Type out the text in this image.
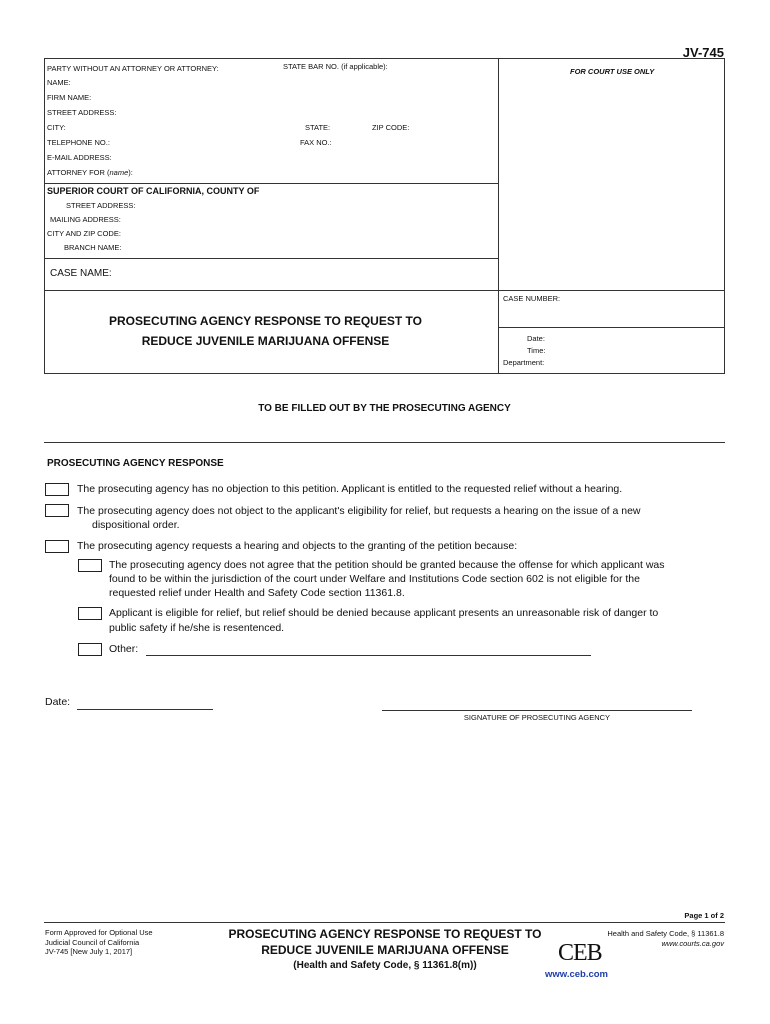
JV-745
PARTY WITHOUT AN ATTORNEY OR ATTORNEY:	STATE BAR NO. (if applicable):
FOR COURT USE ONLY
NAME:
FIRM NAME:
STREET ADDRESS:
CITY:	STATE:	ZIP CODE:
TELEPHONE NO.:	FAX NO.:
E-MAIL ADDRESS:
ATTORNEY FOR (name):
SUPERIOR COURT OF CALIFORNIA, COUNTY OF
STREET ADDRESS:
MAILING ADDRESS:
CITY AND ZIP CODE:
BRANCH NAME:
CASE NAME:
CASE NUMBER:
Date:
Time:
Department:
PROSECUTING AGENCY RESPONSE TO REQUEST TO
REDUCE JUVENILE MARIJUANA OFFENSE
TO BE FILLED OUT BY THE PROSECUTING AGENCY
PROSECUTING AGENCY RESPONSE
The prosecuting agency has no objection to this petition. Applicant is entitled to the requested relief without a hearing.
The prosecuting agency does not object to the applicant's eligibility for relief, but requests a hearing on the issue of a new
dispositional order.
The prosecuting agency requests a hearing and objects to the granting of the petition because:
The prosecuting agency does not agree that the petition should be granted because the offense for which applicant was
found to be within the jurisdiction of the court under Welfare and Institutions Code section 602 is not eligible for the
requested relief under Health and Safety Code section 11361.8.
Applicant is eligible for relief, but relief should be denied because applicant presents an unreasonable risk of danger to
public safety if he/she is resentenced.
Other:
Date:
SIGNATURE OF PROSECUTING AGENCY
Page 1 of 2
Form Approved for Optional Use
Judicial Council of California
JV-745 [New July 1, 2017]
PROSECUTING AGENCY RESPONSE TO REQUEST TO
REDUCE JUVENILE MARIJUANA OFFENSE
(Health and Safety Code, § 11361.8(m))
Health and Safety Code, § 11361.8
www.courts.ca.gov
CEB
www.ceb.com
